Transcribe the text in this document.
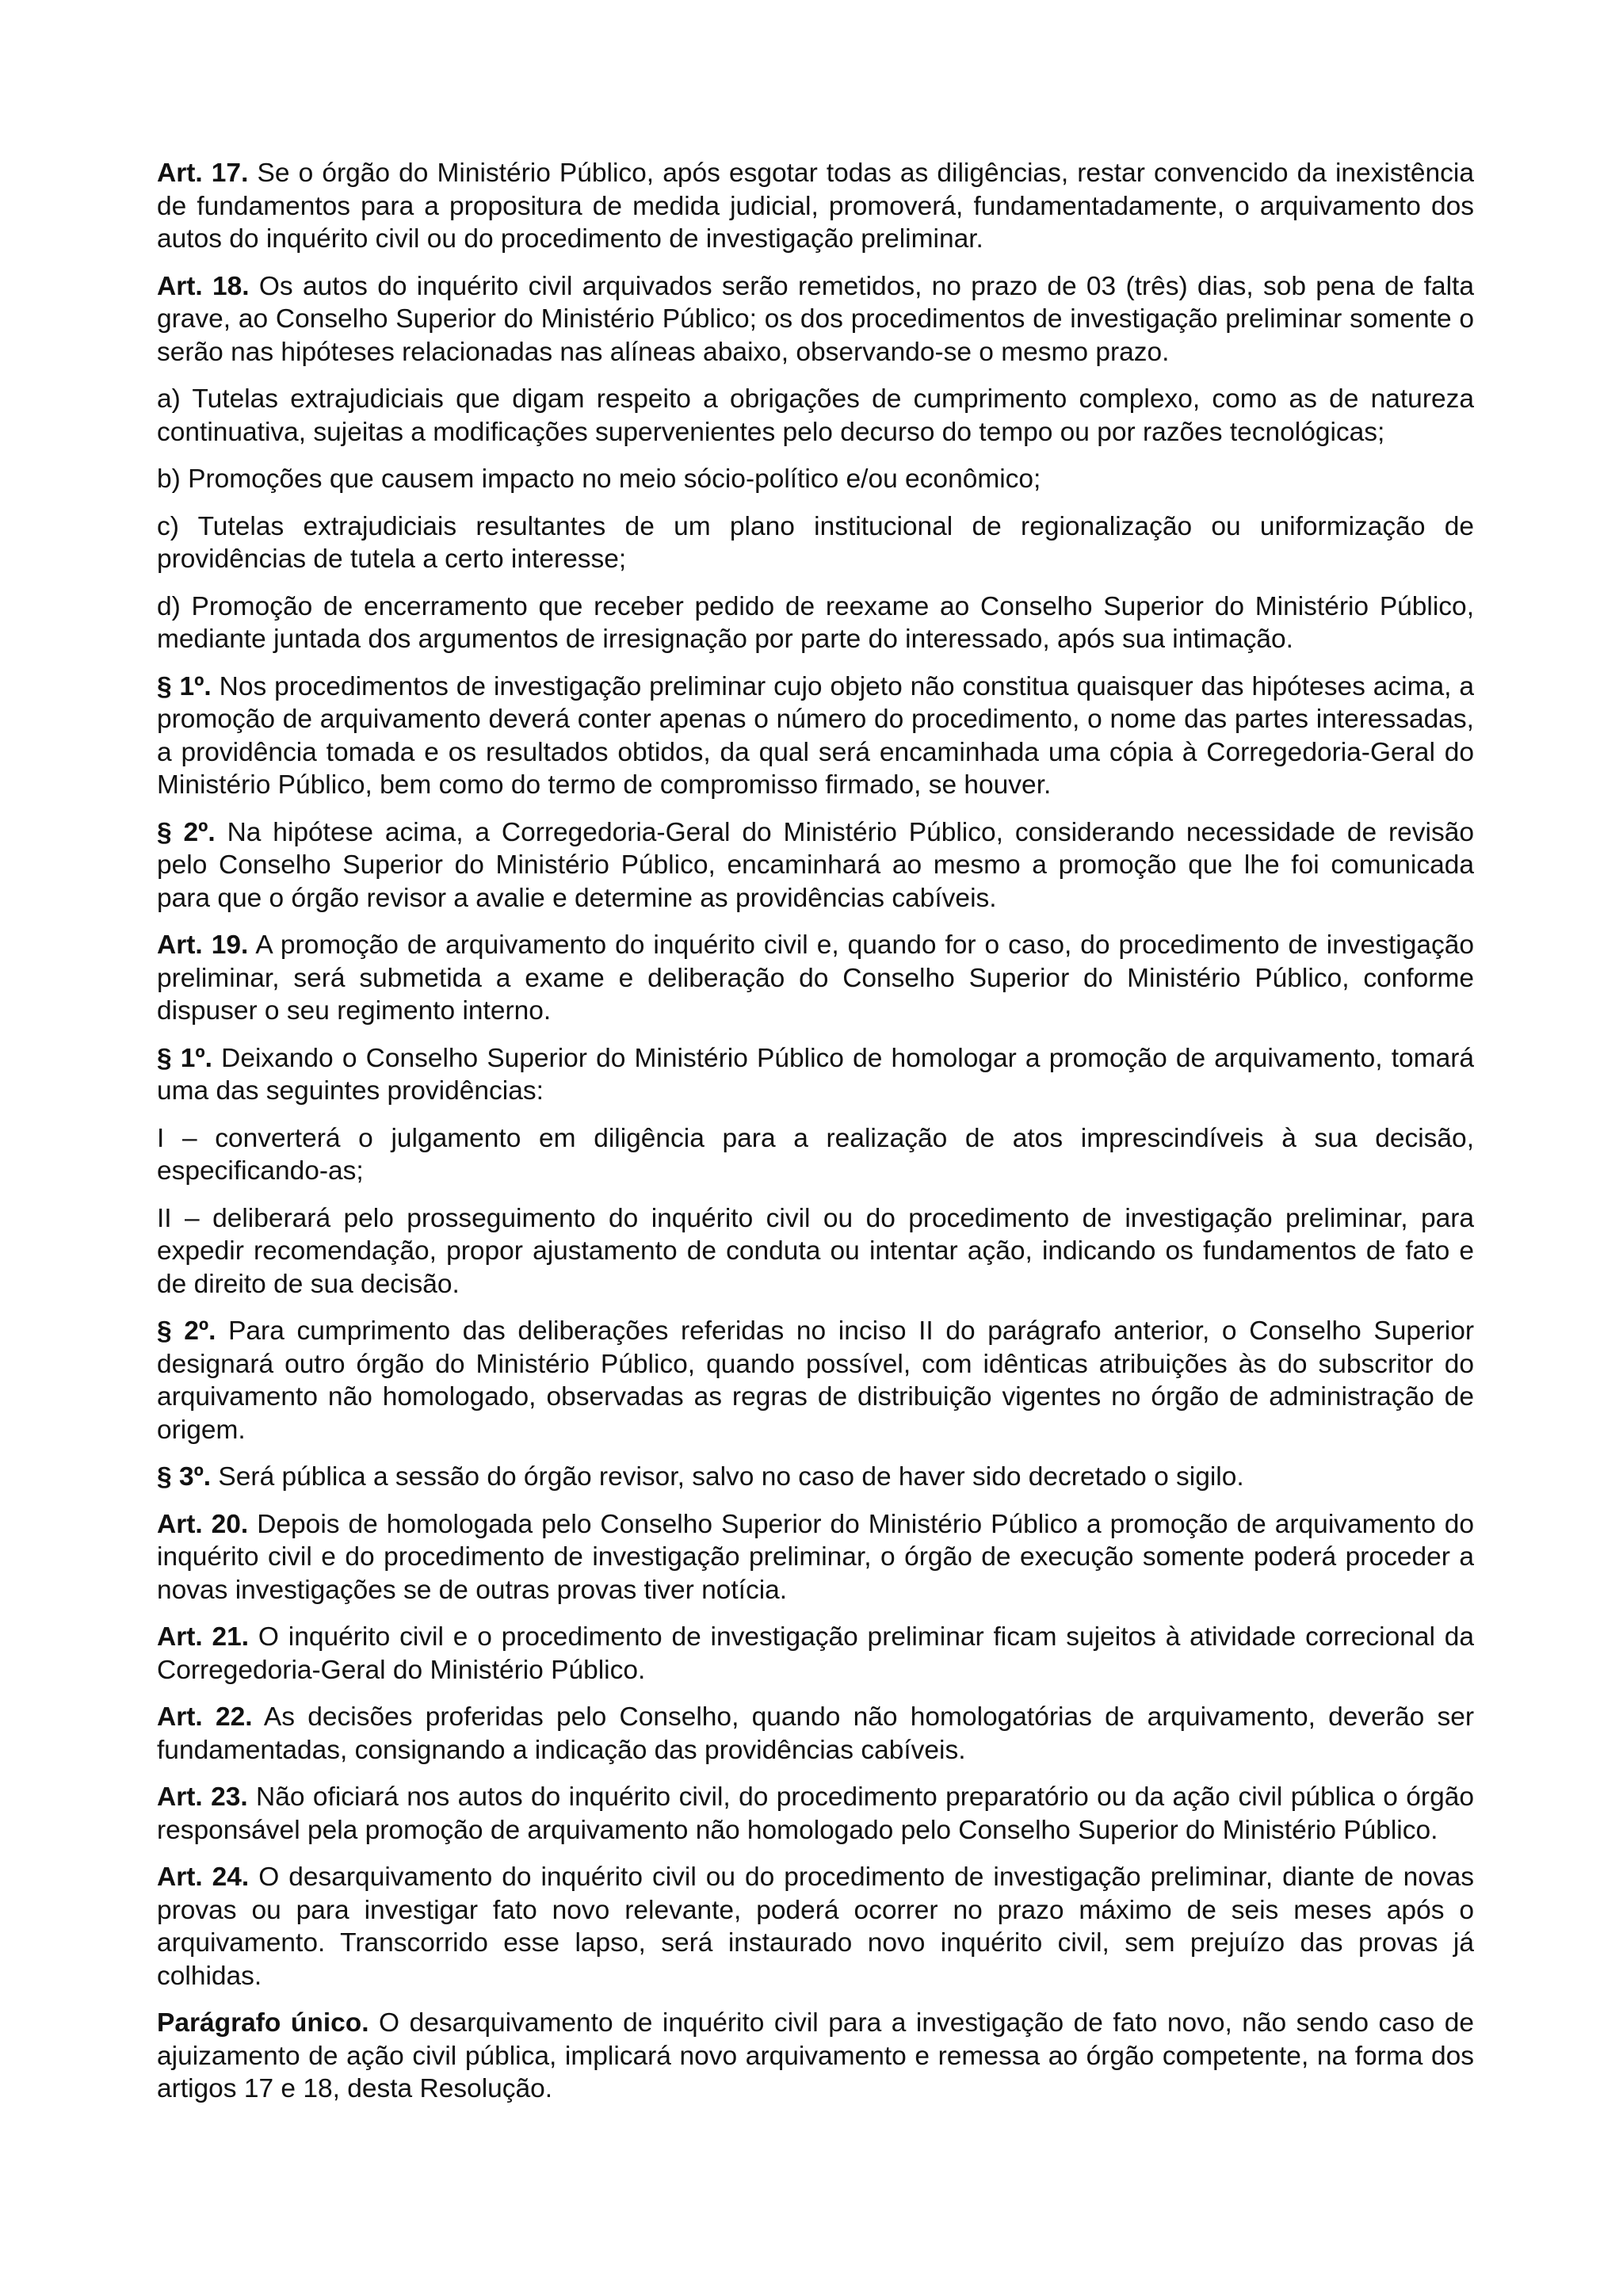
Art. 17. Se o órgão do Ministério Público, após esgotar todas as diligências, restar convencido da inexistência de fundamentos para a propositura de medida judicial, promoverá, fundamentadamente, o arquivamento dos autos do inquérito civil ou do procedimento de investigação preliminar.

Art. 18. Os autos do inquérito civil arquivados serão remetidos, no prazo de 03 (três) dias, sob pena de falta grave, ao Conselho Superior do Ministério Público; os dos procedimentos de investigação preliminar somente o serão nas hipóteses relacionadas nas alíneas abaixo, observando-se o mesmo prazo.

a) Tutelas extrajudiciais que digam respeito a obrigações de cumprimento complexo, como as de natureza continuativa, sujeitas a modificações supervenientes pelo decurso do tempo ou por razões tecnológicas;

b) Promoções que causem impacto no meio sócio-político e/ou econômico;

c) Tutelas extrajudiciais resultantes de um plano institucional de regionalização ou uniformização de providências de tutela a certo interesse;

d) Promoção de encerramento que receber pedido de reexame ao Conselho Superior do Ministério Público, mediante juntada dos argumentos de irresignação por parte do interessado, após sua intimação.

§ 1º. Nos procedimentos de investigação preliminar cujo objeto não constitua quaisquer das hipóteses acima, a promoção de arquivamento deverá conter apenas o número do procedimento, o nome das partes interessadas, a providência tomada e os resultados obtidos, da qual será encaminhada uma cópia à Corregedoria-Geral do Ministério Público, bem como do termo de compromisso firmado, se houver.

§ 2º. Na hipótese acima, a Corregedoria-Geral do Ministério Público, considerando necessidade de revisão pelo Conselho Superior do Ministério Público, encaminhará ao mesmo a promoção que lhe foi comunicada para que o órgão revisor a avalie e determine as providências cabíveis.

Art. 19. A promoção de arquivamento do inquérito civil e, quando for o caso, do procedimento de investigação preliminar, será submetida a exame e deliberação do Conselho Superior do Ministério Público, conforme dispuser o seu regimento interno.

§ 1º. Deixando o Conselho Superior do Ministério Público de homologar a promoção de arquivamento, tomará uma das seguintes providências:

I – converterá o julgamento em diligência para a realização de atos imprescindíveis à sua decisão, especificando-as;

II – deliberará pelo prosseguimento do inquérito civil ou do procedimento de investigação preliminar, para expedir recomendação, propor ajustamento de conduta ou intentar ação, indicando os fundamentos de fato e de direito de sua decisão.

§ 2º. Para cumprimento das deliberações referidas no inciso II do parágrafo anterior, o Conselho Superior designará outro órgão do Ministério Público, quando possível, com idênticas atribuições às do subscritor do arquivamento não homologado, observadas as regras de distribuição vigentes no órgão de administração de origem.

§ 3º. Será pública a sessão do órgão revisor, salvo no caso de haver sido decretado o sigilo.

Art. 20. Depois de homologada pelo Conselho Superior do Ministério Público a promoção de arquivamento do inquérito civil e do procedimento de investigação preliminar, o órgão de execução somente poderá proceder a novas investigações se de outras provas tiver notícia.

Art. 21. O inquérito civil e o procedimento de investigação preliminar ficam sujeitos à atividade correcional da Corregedoria-Geral do Ministério Público.

Art. 22. As decisões proferidas pelo Conselho, quando não homologatórias de arquivamento, deverão ser fundamentadas, consignando a indicação das providências cabíveis.

Art. 23. Não oficiará nos autos do inquérito civil, do procedimento preparatório ou da ação civil pública o órgão responsável pela promoção de arquivamento não homologado pelo Conselho Superior do Ministério Público.

Art. 24. O desarquivamento do inquérito civil ou do procedimento de investigação preliminar, diante de novas provas ou para investigar fato novo relevante, poderá ocorrer no prazo máximo de seis meses após o arquivamento. Transcorrido esse lapso, será instaurado novo inquérito civil, sem prejuízo das provas já colhidas.

Parágrafo único. O desarquivamento de inquérito civil para a investigação de fato novo, não sendo caso de ajuizamento de ação civil pública, implicará novo arquivamento e remessa ao órgão competente, na forma dos artigos 17 e 18, desta Resolução.
